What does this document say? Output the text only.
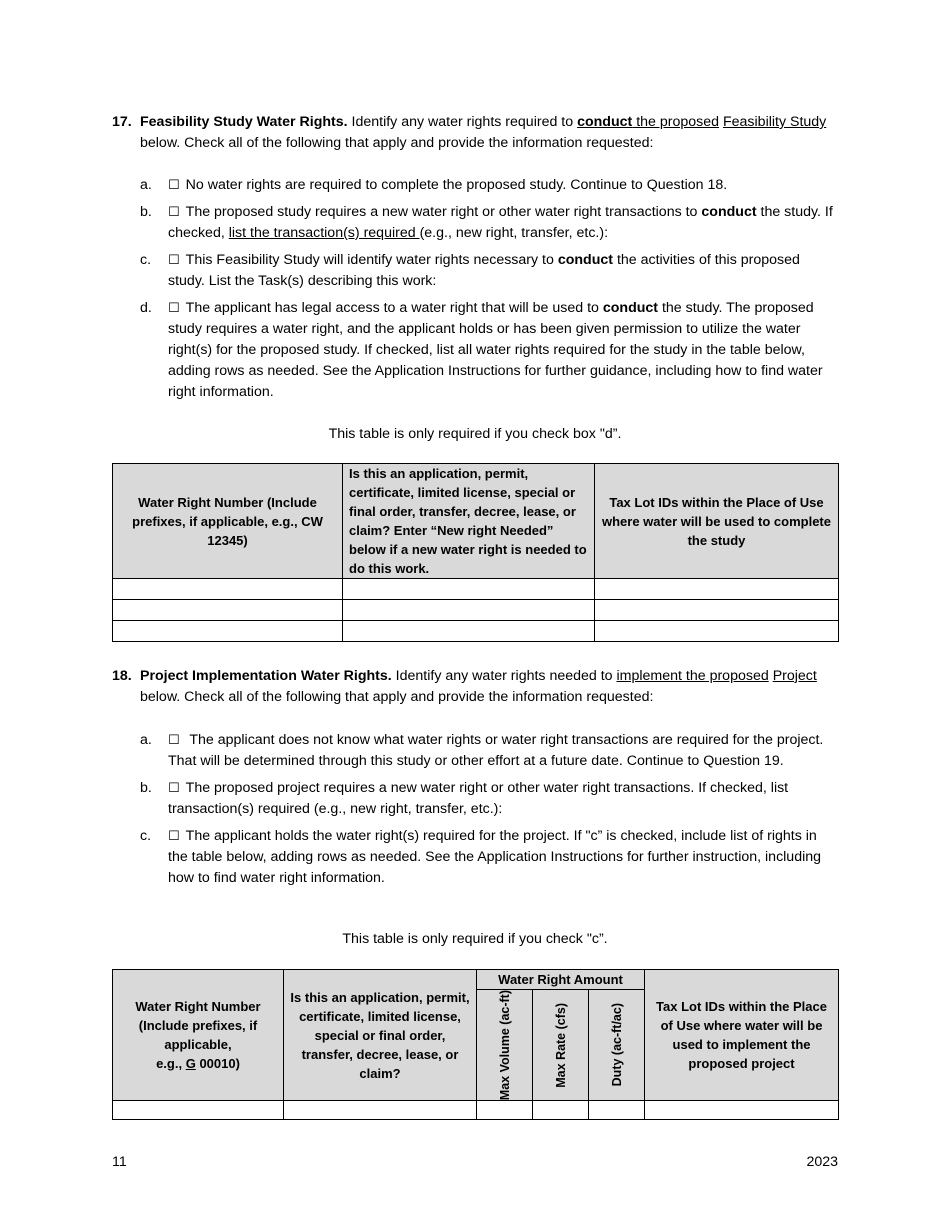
17. Feasibility Study Water Rights. Identify any water rights required to conduct the proposed Feasibility Study below. Check all of the following that apply and provide the information requested:
a. ☐ No water rights are required to complete the proposed study. Continue to Question 18.
b. ☐ The proposed study requires a new water right or other water right transactions to conduct the study. If checked, list the transaction(s) required (e.g., new right, transfer, etc.):
c. ☐ This Feasibility Study will identify water rights necessary to conduct the activities of this proposed study. List the Task(s) describing this work:
d. ☐ The applicant has legal access to a water right that will be used to conduct the study. The proposed study requires a water right, and the applicant holds or has been given permission to utilize the water right(s) for the proposed study. If checked, list all water rights required for the study in the table below, adding rows as needed. See the Application Instructions for further guidance, including how to find water right information.
This table is only required if you check box "d”.
Water Right Number (Include prefixes, if applicable, e.g., CW 12345)	Is this an application, permit, certificate, limited license, special or final order, transfer, decree, lease, or claim? Enter “New right Needed” below if a new water right is needed to do this work.	Tax Lot IDs within the Place of Use where water will be used to complete the study

18. Project Implementation Water Rights. Identify any water rights needed to implement the proposed Project below. Check all of the following that apply and provide the information requested:
a. ☐ The applicant does not know what water rights or water right transactions are required for the project. That will be determined through this study or other effort at a future date. Continue to Question 19.
b. ☐ The proposed project requires a new water right or other water right transactions. If checked, list transaction(s) required (e.g., new right, transfer, etc.):
c. ☐ The applicant holds the water right(s) required for the project. If "c” is checked, include list of rights in the table below, adding rows as needed. See the Application Instructions for further instruction, including how to find water right information.
This table is only required if you check "c”.
Water Right Number (Include prefixes, if applicable,
e.g., G 00010)	Is this an application, permit, certificate, limited license, special or final order, transfer, decree, lease, or claim?	Water Right Amount			Tax Lot IDs within the Place of Use where water will be used to implement the proposed project

		Max Volume (ac-ft)	Max Rate (cfs)	Duty (ac-ft/ac)	

11	2023
